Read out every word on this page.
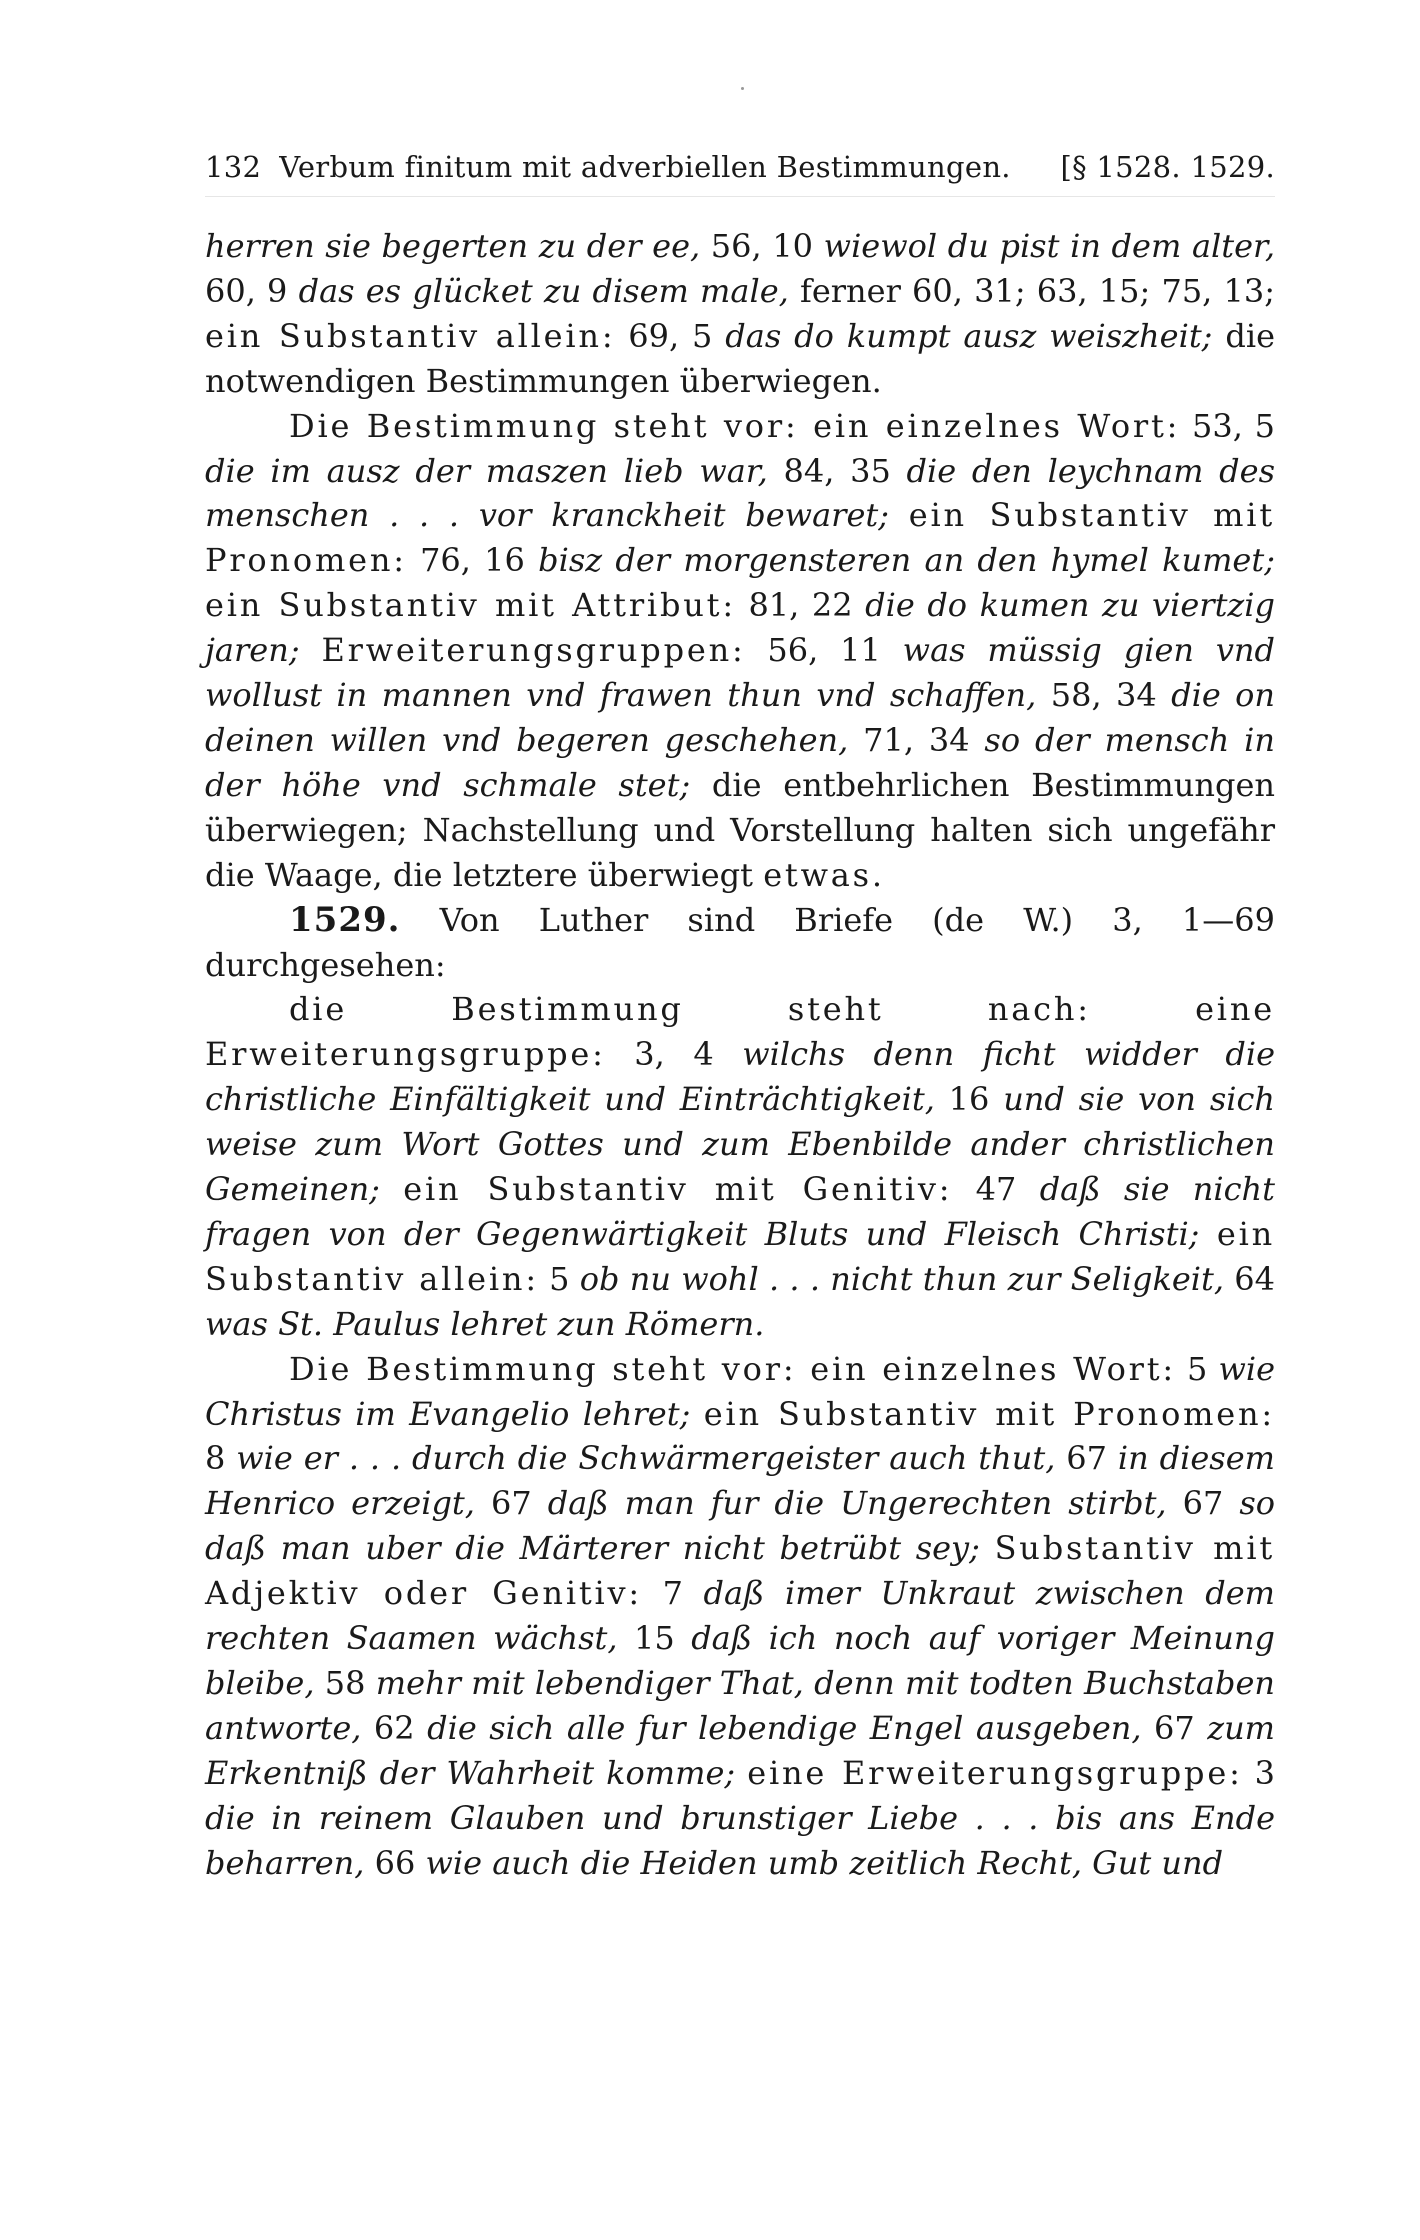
132 Verbum finitum mit adverbiellen Bestimmungen.	[§ 1528. 1529.

herren sie begerten zu der ee, 56, 10 wiewol du pist in dem alter, 60, 9 das es glücket zu disem male, ferner 60, 31; 63, 15; 75, 13; ein Substantiv allein: 69, 5 das do kumpt ausz weiszheit; die notwendigen Bestimmungen überwiegen.

Die Bestimmung steht vor: ein einzelnes Wort: 53, 5 die im ausz der maszen lieb war, 84, 35 die den leychnam des menschen . . . vor kranckheit bewaret; ein Substantiv mit Pronomen: 76, 16 bisz der morgensteren an den hymel kumet; ein Substantiv mit Attribut: 81, 22 die do kumen zu viertzig jaren; Erweiterungsgruppen: 56, 11 was müssig gien vnd wollust in mannen vnd frawen thun vnd schaffen, 58, 34 die on deinen willen vnd begeren geschehen, 71, 34 so der mensch in der höhe vnd schmale stet; die entbehrlichen Bestimmungen überwiegen; Nachstellung und Vorstellung halten sich ungefähr die Waage, die letztere überwiegt etwas.

1529. Von Luther sind Briefe (de W.) 3, 1—69 durchgesehen:

die Bestimmung steht nach: eine Erweiterungsgruppe: 3, 4 wilchs denn ficht widder die christliche Einfältigkeit und Einträchtigkeit, 16 und sie von sich weise zum Wort Gottes und zum Ebenbilde ander christlichen Gemeinen; ein Substantiv mit Genitiv: 47 daß sie nicht fragen von der Gegenwärtigkeit Bluts und Fleisch Christi; ein Substantiv allein: 5 ob nu wohl . . . nicht thun zur Seligkeit, 64 was St. Paulus lehret zun Römern.

Die Bestimmung steht vor: ein einzelnes Wort: 5 wie Christus im Evangelio lehret; ein Substantiv mit Pronomen: 8 wie er . . . durch die Schwärmergeister auch thut, 67 in diesem Henrico erzeigt, 67 daß man fur die Ungerechten stirbt, 67 so daß man uber die Märterer nicht betrübt sey; Substantiv mit Adjektiv oder Genitiv: 7 daß imer Unkraut zwischen dem rechten Saamen wächst, 15 daß ich noch auf voriger Meinung bleibe, 58 mehr mit lebendiger That, denn mit todten Buchstaben antworte, 62 die sich alle fur lebendige Engel ausgeben, 67 zum Erkentniß der Wahrheit komme; eine Erweiterungsgruppe: 3 die in reinem Glauben und brunstiger Liebe . . . bis ans Ende beharren, 66 wie auch die Heiden umb zeitlich Recht, Gut und
